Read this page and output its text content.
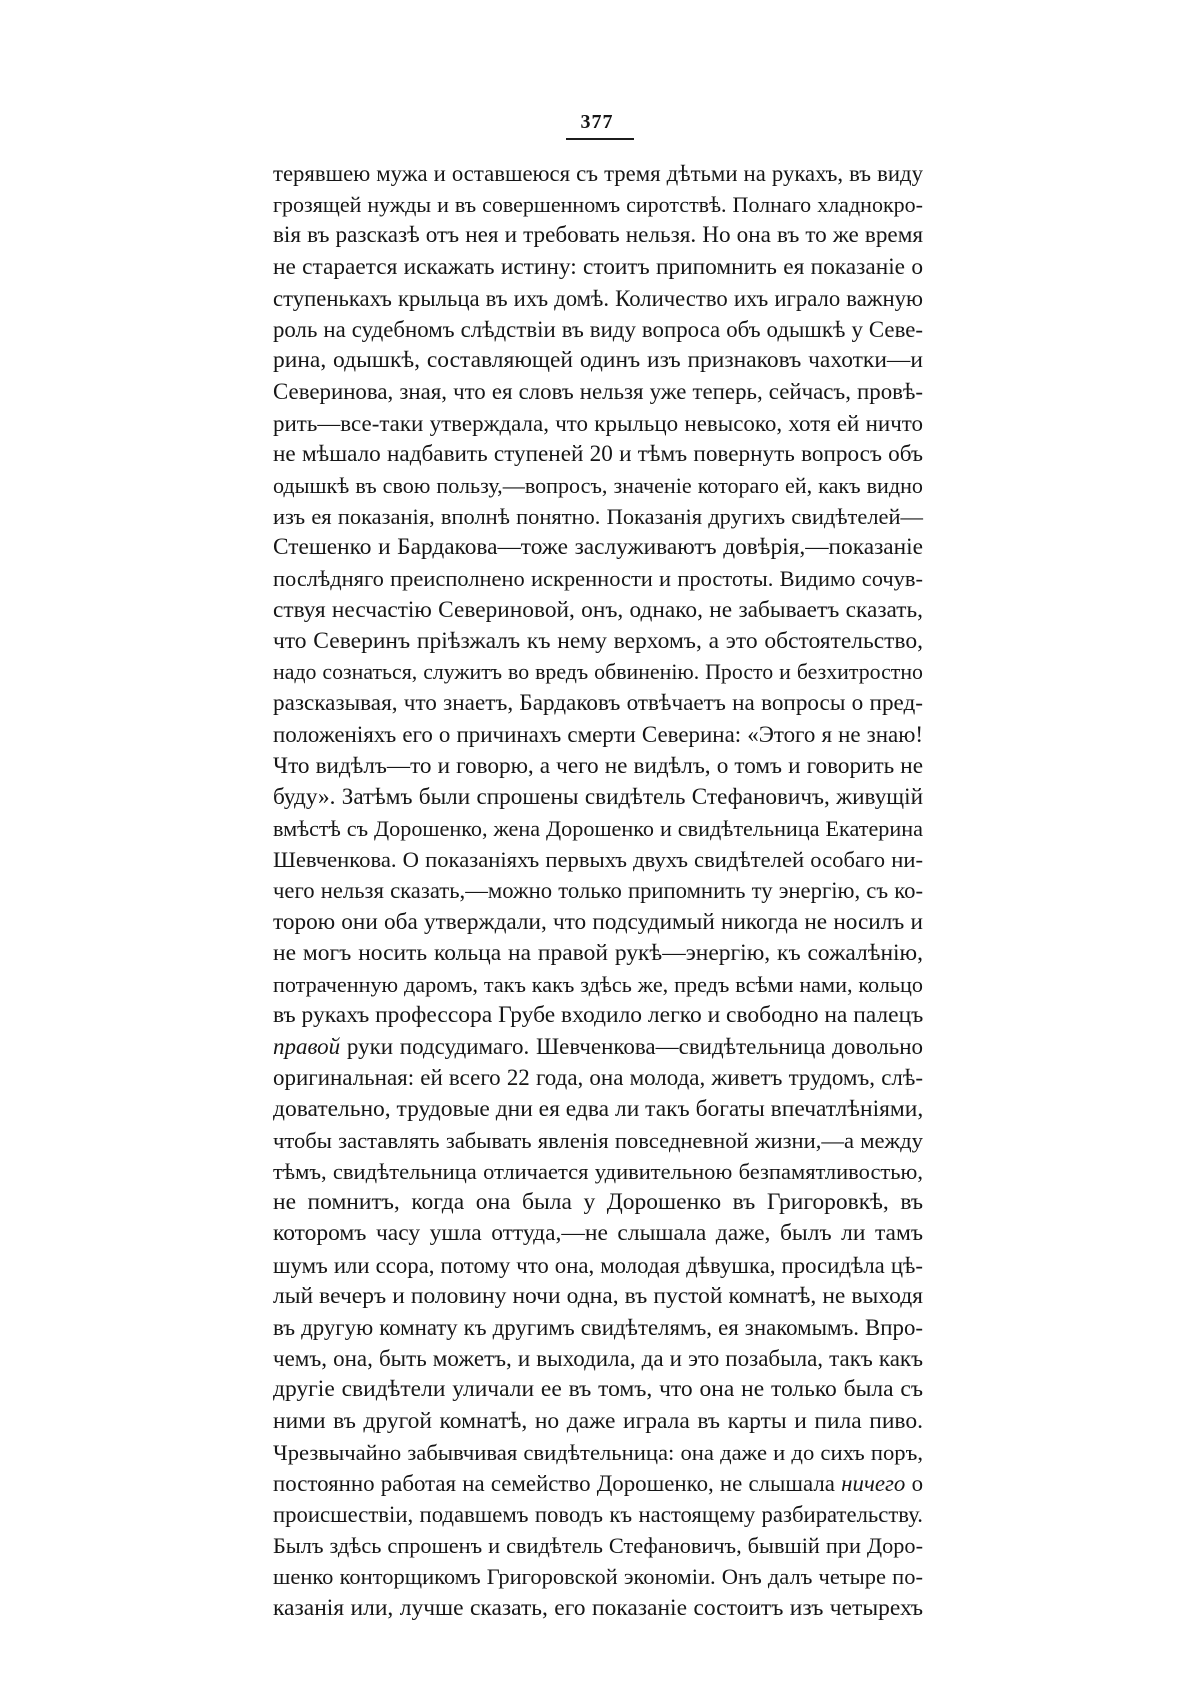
377
терявшею мужа и оставшеюся съ тремя дѣтьми на рукахъ, въ виду
грозящей нужды и въ совершенномъ сиротствѣ. Полнаго хладнокро-
вія въ разсказѣ отъ нея и требовать нельзя. Но она въ то же время
не старается искажать истину: стоитъ припомнить ея показаніе о
ступенькахъ крыльца въ ихъ домѣ. Количество ихъ играло важную
роль на судебномъ слѣдствіи въ виду вопроса объ одышкѣ у Севе-
рина, одышкѣ, составляющей одинъ изъ признаковъ чахотки—и
Северинова, зная, что ея словъ нельзя уже теперь, сейчасъ, провѣ-
рить—все-таки утверждала, что крыльцо невысоко, хотя ей ничто
не мѣшало надбавить ступеней 20 и тѣмъ повернуть вопросъ объ
одышкѣ въ свою пользу,—вопросъ, значеніе котораго ей, какъ видно
изъ ея показанія, вполнѣ понятно. Показанія другихъ свидѣтелей—
Стешенко и Бардакова—тоже заслуживаютъ довѣрія,—показаніе
послѣдняго преисполнено искренности и простоты. Видимо сочув-
ствуя несчастію Севериновой, онъ, однако, не забываетъ сказать,
что Северинъ пріѣзжалъ къ нему верхомъ, а это обстоятельство,
надо сознаться, служитъ во вредъ обвиненію. Просто и безхитростно
разсказывая, что знаетъ, Бардаковъ отвѣчаетъ на вопросы о пред-
положеніяхъ его о причинахъ смерти Северина: «Этого я не знаю!
Что видѣлъ—то и говорю, а чего не видѣлъ, о томъ и говорить не
буду». Затѣмъ были спрошены свидѣтель Стефановичъ, живущій
вмѣстѣ съ Дорошенко, жена Дорошенко и свидѣтельница Екатерина
Шевченкова. О показаніяхъ первыхъ двухъ свидѣтелей особаго ни-
чего нельзя сказать,—можно только припомнить ту энергію, съ ко-
торою они оба утверждали, что подсудимый никогда не носилъ и
не могъ носить кольца на правой рукѣ—энергію, къ сожалѣнію,
потраченную даромъ, такъ какъ здѣсь же, предъ всѣми нами, кольцо
въ рукахъ профессора Грубе входило легко и свободно на палецъ
правой руки подсудимаго. Шевченкова—свидѣтельница довольно
оригинальная: ей всего 22 года, она молода, живетъ трудомъ, слѣ-
довательно, трудовые дни ея едва ли такъ богаты впечатлѣніями,
чтобы заставлять забывать явленія повседневной жизни,—а между
тѣмъ, свидѣтельница отличается удивительною безпамятливостью,
не помнитъ, когда она была у Дорошенко въ Григоровкѣ, въ
которомъ часу ушла оттуда,—не слышала даже, былъ ли тамъ
шумъ или ссора, потому что она, молодая дѣвушка, просидѣла цѣ-
лый вечеръ и половину ночи одна, въ пустой комнатѣ, не выходя
въ другую комнату къ другимъ свидѣтелямъ, ея знакомымъ. Впро-
чемъ, она, быть можетъ, и выходила, да и это позабыла, такъ какъ
другіе свидѣтели уличали ее въ томъ, что она не только была съ
ними въ другой комнатѣ, но даже играла въ карты и пила пиво.
Чрезвычайно забывчивая свидѣтельница: она даже и до сихъ поръ,
постоянно работая на семейство Дорошенко, не слышала ничего о
происшествіи, подавшемъ поводъ къ настоящему разбирательству.
Былъ здѣсь спрошенъ и свидѣтель Стефановичъ, бывшій при Доро-
шенко конторщикомъ Григоровской экономіи. Онъ далъ четыре по-
казанія или, лучше сказать, его показаніе состоитъ изъ четырехъ
